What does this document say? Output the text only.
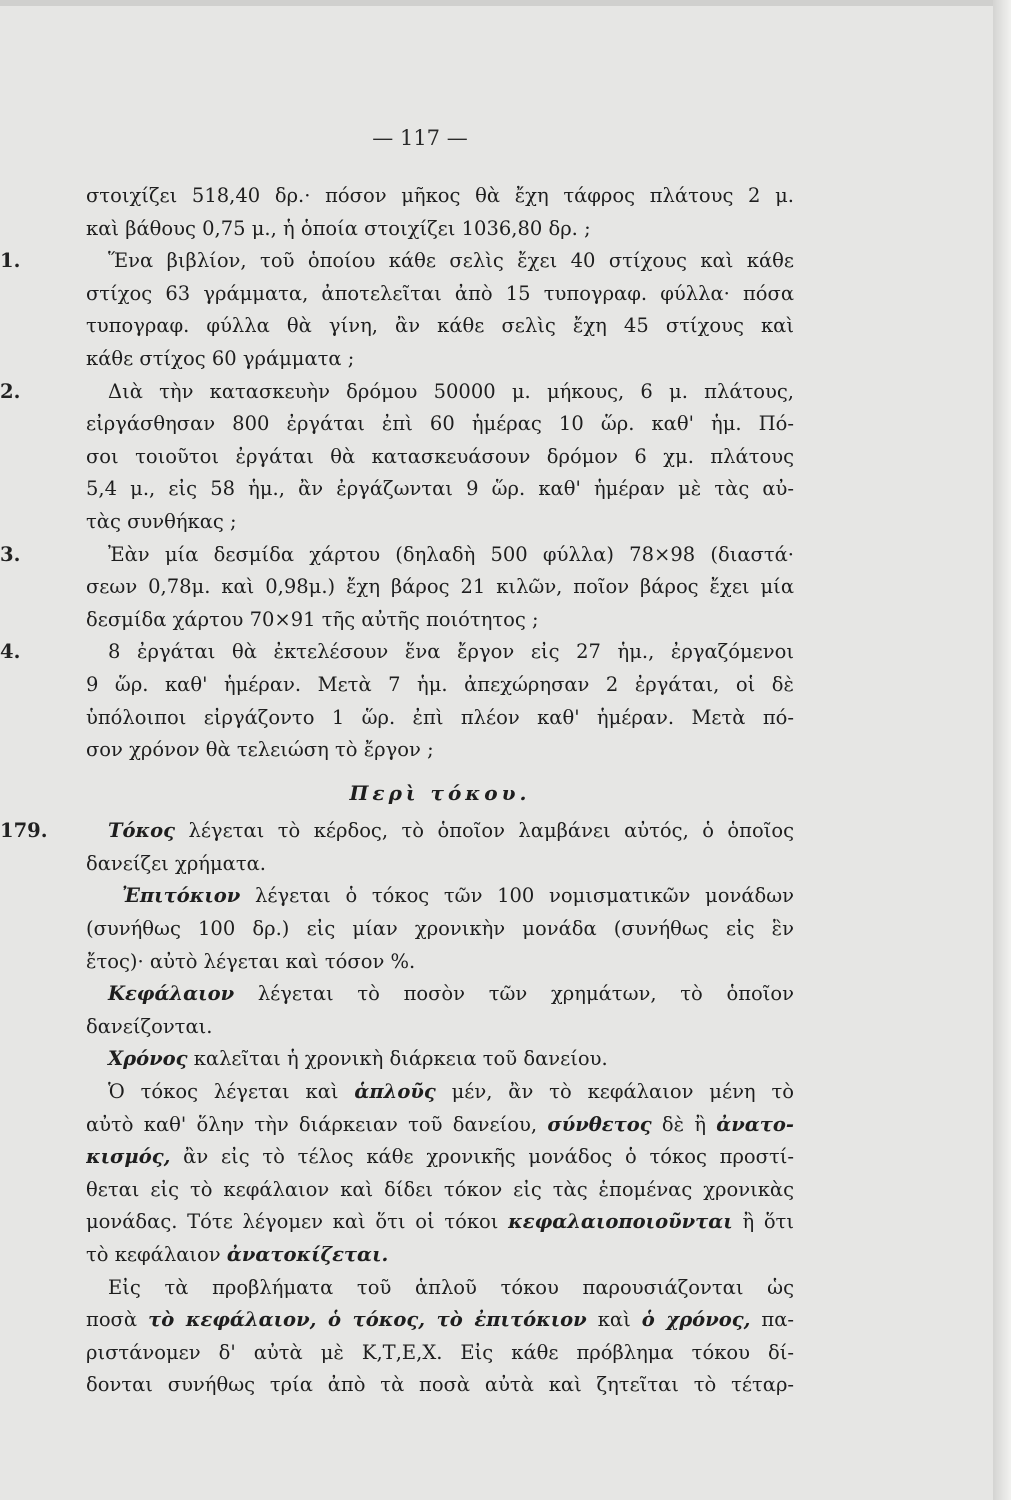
— 117 —
στοιχίζει 518,40 δρ.· πόσον μῆκος θὰ ἔχη τάφρος πλάτους 2 μ.
καὶ βάθους 0,75 μ., ἡ ὁποία στοιχίζει 1036,80 δρ. ;
1.	Ἕνα βιβλίον, τοῦ ὁποίου κάθε σελὶς ἔχει 40 στίχους καὶ κάθε
στίχος 63 γράμματα, ἀποτελεῖται ἀπὸ 15 τυπογραφ. φύλλα· πόσα
τυπογραφ. φύλλα θὰ γίνη, ἂν κάθε σελὶς ἔχη 45 στίχους καὶ
κάθε στίχος 60 γράμματα ;
2.	Διὰ τὴν κατασκευὴν δρόμου 50000 μ. μήκους, 6 μ. πλάτους,
εἰργάσθησαν 800 ἐργάται ἐπὶ 60 ἡμέρας 10 ὥρ. καθ' ἡμ. Πό-
σοι τοιοῦτοι ἐργάται θὰ κατασκευάσουν δρόμον 6 χμ. πλάτους
5,4 μ., εἰς 58 ἡμ., ἂν ἐργάζωνται 9 ὥρ. καθ' ἡμέραν μὲ τὰς αὐ-
τὰς συνθήκας ;
3.	Ἐὰν μία δεσμίδα χάρτου (δηλαδὴ 500 φύλλα) 78×98 (διαστά·
σεων 0,78μ. καὶ 0,98μ.) ἔχη βάρος 21 κιλῶν, ποῖον βάρος ἔχει μία
δεσμίδα χάρτου 70×91 τῆς αὐτῆς ποιότητος ;
4.	8 ἐργάται θὰ ἐκτελέσουν ἕνα ἔργον εἰς 27 ἡμ., ἐργαζόμενοι
9 ὥρ. καθ' ἡμέραν. Μετὰ 7 ἡμ. ἀπεχώρησαν 2 ἐργάται, οἱ δὲ
ὑπόλοιποι εἰργάζοντο 1 ὥρ. ἐπὶ πλέον καθ' ἡμέραν. Μετὰ πό-
σον χρόνον θὰ τελειώση τὸ ἔργον ;
Περὶ τόκου.
179.	Τόκος λέγεται τὸ κέρδος, τὸ ὁποῖον λαμβάνει αὐτός, ὁ ὁποῖος
δανείζει χρήματα.
Ἐπιτόκιον λέγεται ὁ τόκος τῶν 100 νομισματικῶν μονάδων
(συνήθως 100 δρ.) εἰς μίαν χρονικὴν μονάδα (συνήθως εἰς ἓν
ἔτος)· αὐτὸ λέγεται καὶ τόσον %.
Κεφάλαιον λέγεται τὸ ποσὸν τῶν χρημάτων, τὸ ὁποῖον
δανείζονται.
Χρόνος καλεῖται ἡ χρονικὴ διάρκεια τοῦ δανείου.
Ὁ τόκος λέγεται καὶ ἁπλοῦς μέν, ἂν τὸ κεφάλαιον μένη τὸ
αὐτὸ καθ' ὅλην τὴν διάρκειαν τοῦ δανείου, σύνθετος δὲ ἢ ἀνατο-
κισμός, ἂν εἰς τὸ τέλος κάθε χρονικῆς μονάδος ὁ τόκος προστί-
θεται εἰς τὸ κεφάλαιον καὶ δίδει τόκον εἰς τὰς ἑπομένας χρονικὰς
μονάδας. Τότε λέγομεν καὶ ὅτι οἱ τόκοι κεφαλαιοποιοῦνται ἢ ὅτι
τὸ κεφάλαιον ἀνατοκίζεται.
Εἰς τὰ προβλήματα τοῦ ἁπλοῦ τόκου παρουσιάζονται ὡς
ποσὰ τὸ κεφάλαιον, ὁ τόκος, τὸ ἐπιτόκιον καὶ ὁ χρόνος, πα-
ριστάνομεν δ' αὐτὰ μὲ Κ,Τ,Ε,Χ. Εἰς κάθε πρόβλημα τόκου δί-
δονται συνήθως τρία ἀπὸ τὰ ποσὰ αὐτὰ καὶ ζητεῖται τὸ τέταρ-
